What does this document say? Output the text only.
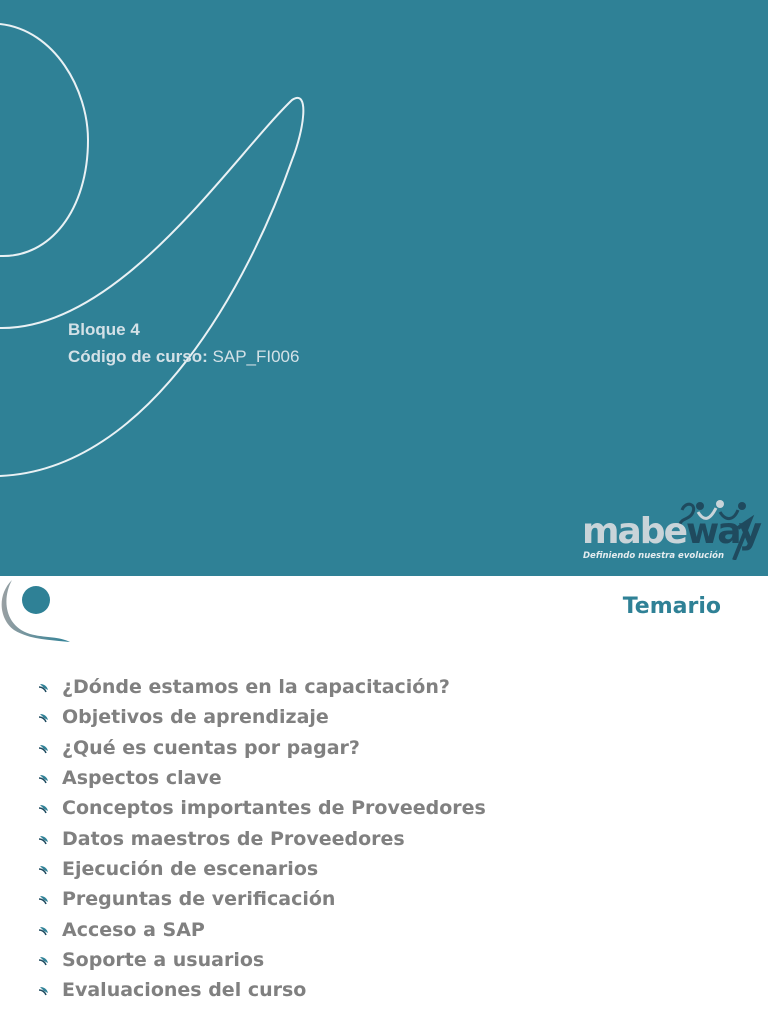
Bloque 4
Código de curso: SAP_FI006
mabeway
Definiendo nuestra evolución
Temario
¿Dónde estamos en la capacitación?
Objetivos de aprendizaje
¿Qué es cuentas por pagar?
Aspectos clave
Conceptos importantes de Proveedores
Datos maestros de Proveedores
Ejecución de escenarios
Preguntas de verificación
Acceso a SAP
Soporte a usuarios
Evaluaciones del curso
